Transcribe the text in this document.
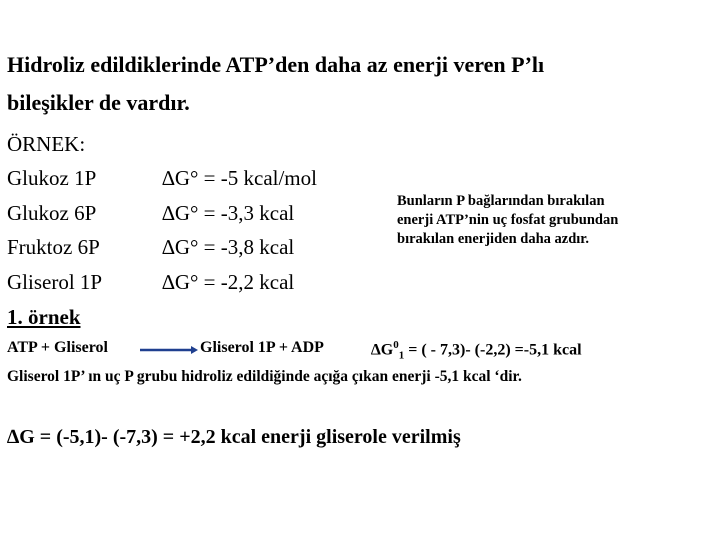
Hidroliz edildiklerinde ATP’den daha az enerji veren P’lı
bileşikler de vardır.
ÖRNEK:
Glukoz 1P	∆G° = -5 kcal/mol
Glukoz 6P	∆G° = -3,3 kcal
Fruktoz 6P	∆G° = -3,8 kcal
Gliserol 1P	∆G° = -2,2 kcal
Bunların P bağlarından bırakılan
enerji ATP’nin uç fosfat grubundan
bırakılan enerjiden daha azdır.
1. örnek
ATP + Gliserol → Gliserol 1P + ADP	$\Delta G^0_1$ = ( - 7,3)- (-2,2) =-5,1 kcal
Gliserol 1P’ ın uç P grubu hidroliz edildiğinde açığa çıkan enerji -5,1 kcal ‘dir.
∆G = (-5,1)- (-7,3) = +2,2 kcal enerji gliserole verilmiş
